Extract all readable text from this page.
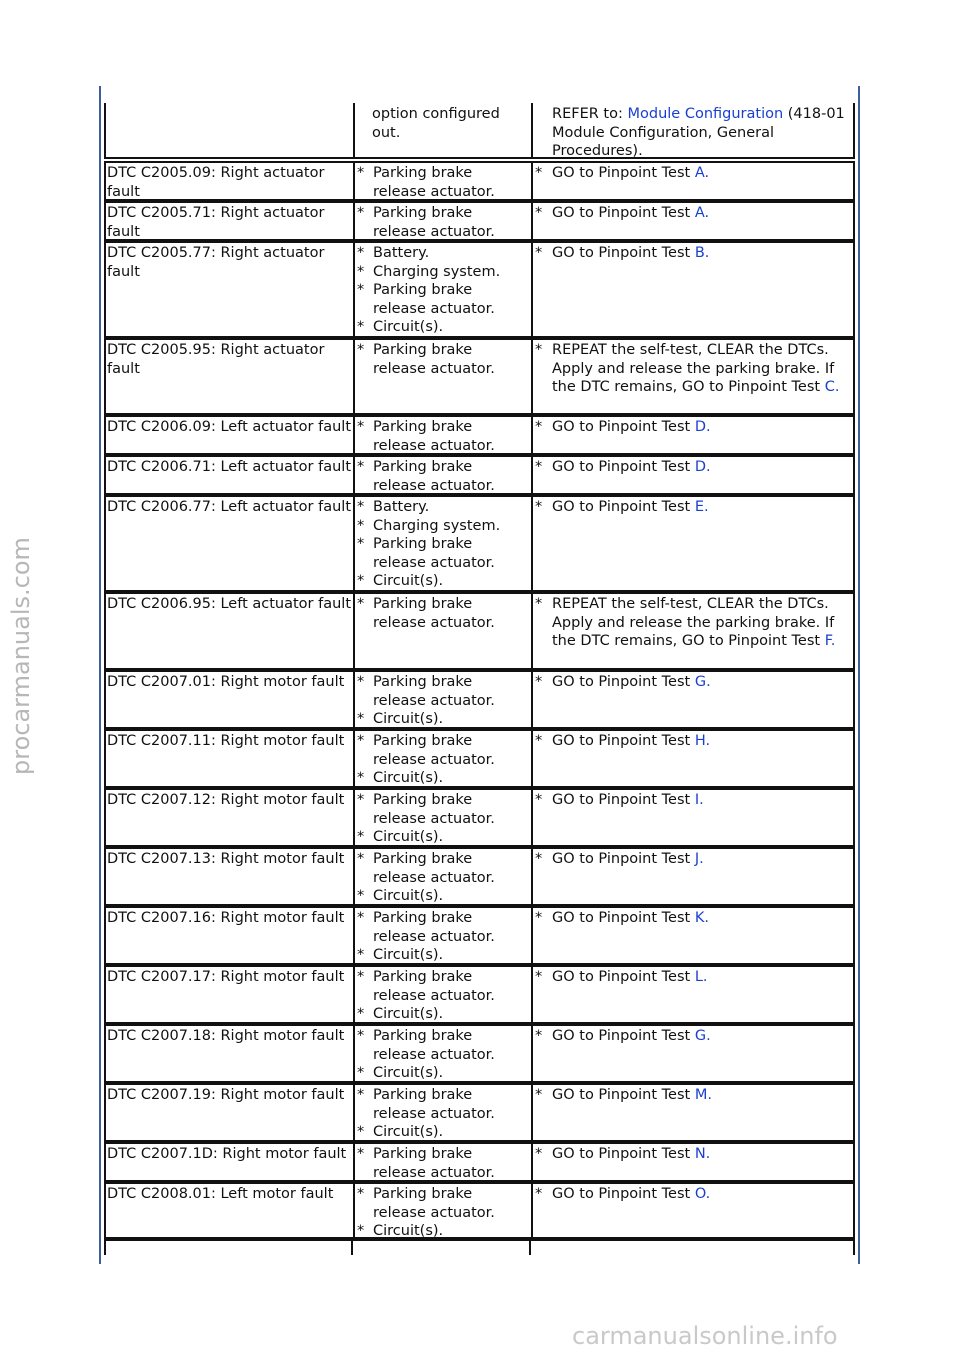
option configured out.
REFER to: Module Configuration (418-01 Module Configuration, General Procedures).
DTC C2005.09: Right actuator fault
* Parking brake release actuator.
* GO to Pinpoint Test A.
DTC C2005.71: Right actuator fault
* Parking brake release actuator.
* GO to Pinpoint Test A.
DTC C2005.77: Right actuator fault
* Battery.
* Charging system.
* Parking brake release actuator.
* Circuit(s).
* GO to Pinpoint Test B.
DTC C2005.95: Right actuator fault
* Parking brake release actuator.
* REPEAT the self-test, CLEAR the DTCs. Apply and release the parking brake. If the DTC remains, GO to Pinpoint Test C.
DTC C2006.09: Left actuator fault * Parking brake release actuator.
* GO to Pinpoint Test D.
DTC C2006.71: Left actuator fault * Parking brake release actuator.
* GO to Pinpoint Test D.
DTC C2006.77: Left actuator fault * Battery.
* Charging system.
* Parking brake release actuator.
* Circuit(s).
* GO to Pinpoint Test E.
DTC C2006.95: Left actuator fault * Parking brake release actuator.
* REPEAT the self-test, CLEAR the DTCs. Apply and release the parking brake. If the DTC remains, GO to Pinpoint Test F.
DTC C2007.01: Right motor fault * Parking brake release actuator.
* Circuit(s).
* GO to Pinpoint Test G.
DTC C2007.11: Right motor fault * Parking brake release actuator.
* Circuit(s).
* GO to Pinpoint Test H.
DTC C2007.12: Right motor fault * Parking brake release actuator.
* Circuit(s).
* GO to Pinpoint Test I.
DTC C2007.13: Right motor fault * Parking brake release actuator.
* Circuit(s).
* GO to Pinpoint Test J.
DTC C2007.16: Right motor fault * Parking brake release actuator.
* Circuit(s).
* GO to Pinpoint Test K.
DTC C2007.17: Right motor fault * Parking brake release actuator.
* Circuit(s).
* GO to Pinpoint Test L.
DTC C2007.18: Right motor fault * Parking brake release actuator.
* Circuit(s).
* GO to Pinpoint Test G.
DTC C2007.19: Right motor fault * Parking brake release actuator.
* Circuit(s).
* GO to Pinpoint Test M.
DTC C2007.1D: Right motor fault * Parking brake release actuator.
* GO to Pinpoint Test N.
DTC C2008.01: Left motor fault	* Parking brake release actuator.
* Circuit(s).
* GO to Pinpoint Test O.
procarmanuals.com
carmanualsonline.info
